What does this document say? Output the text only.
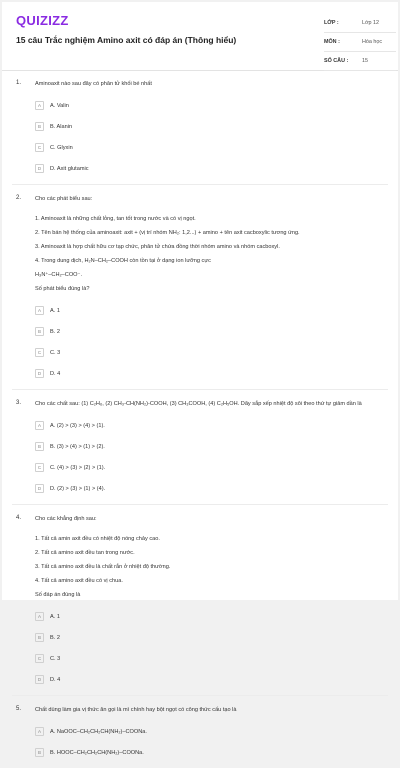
QUIZIZZ
15 câu Trắc nghiệm Amino axit có đáp án (Thông hiểu)
LỚP :	Lớp 12
MÔN :	Hóa học
SỐ CÂU :	15
1. Aminoaxit nào sau đây có phân tử khối bé nhất
A	A. Valin
B	B. Alanin
C	C. Glyxin
D	D. Axit glutamic
2. Cho các phát biểu sau:
1. Aminoaxit là những chất lỏng, tan tốt trong nước và có vị ngọt.
2. Tên bán hệ thống của aminoaxit: axit + (vị trí nhóm NH₂: 1,2...) + amino + tên axit cacboxylic tương ứng.
3. Aminoaxit là hợp chất hữu cơ tạp chức, phân tử chứa đồng thời nhóm amino và nhóm cacboxyl.
4. Trong dung dịch, H₂N–CH₂–COOH còn tồn tại ở dạng ion lưỡng cực
H₃N⁺–CH₂–COO⁻.
Số phát biểu đúng là?
A	A. 1
B	B. 2
C	C. 3
D	D. 4
3. Cho các chất sau: (1) C₂H₆, (2) CH₃-CH(NH₂)-COOH, (3) CH₃COOH, (4) C₂H₅OH. Dãy sắp xếp nhiệt độ sôi theo thứ tự giảm dần là
A	A. (2) > (3) > (4) > (1).
B	B. (3) > (4) > (1) > (2).
C	C. (4) > (3) > (2) > (1).
D	D. (2) > (3) > (1) > (4).
4. Cho các khẳng định sau:
1. Tất cả amin axit đều có nhiệt độ nóng chảy cao.
2. Tất cả amino axit đều tan trong nước.
3. Tất cả amino axit đều là chất rắn ở nhiệt độ thường.
4. Tất cả amino axit đều có vị chua.
Số đáp án đúng là
A	A. 1
B	B. 2
C	C. 3
D	D. 4
5. Chất dùng làm gia vị thức ăn gọi là mì chính hay bột ngọt có công thức cấu tạo là
A	A. NaOOC–CH₂CH₂CH(NH₂)–COONa.
B	B. HOOC–CH₂CH₂CH(NH₂)–COONa.
